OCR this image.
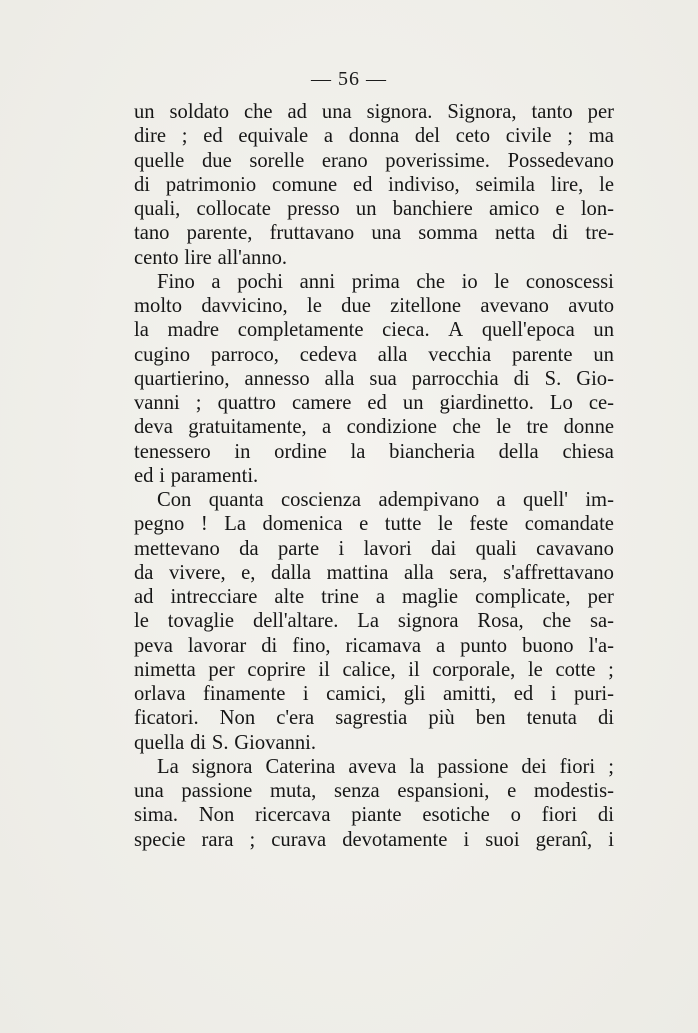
— 56 —
un soldato che ad una signora. Signora, tanto per
dire ; ed equivale a donna del ceto civile ; ma
quelle due sorelle erano poverissime. Possedevano
di patrimonio comune ed indiviso, seimila lire, le
quali, collocate presso un banchiere amico e lon-
tano parente, fruttavano una somma netta di tre-
cento lire all'anno.
Fino a pochi anni prima che io le conoscessi
molto davvicino, le due zitellone avevano avuto
la madre completamente cieca. A quell'epoca un
cugino parroco, cedeva alla vecchia parente un
quartierino, annesso alla sua parrocchia di S. Gio-
vanni ; quattro camere ed un giardinetto. Lo ce-
deva gratuitamente, a condizione che le tre donne
tenessero in ordine la biancheria della chiesa
ed i paramenti.
Con quanta coscienza adempivano a quell' im-
pegno ! La domenica e tutte le feste comandate
mettevano da parte i lavori dai quali cavavano
da vivere, e, dalla mattina alla sera, s'affrettavano
ad intrecciare alte trine a maglie complicate, per
le tovaglie dell'altare. La signora Rosa, che sa-
peva lavorar di fino, ricamava a punto buono l'a-
nimetta per coprire il calice, il corporale, le cotte ;
orlava finamente i camici, gli amitti, ed i puri-
ficatori. Non c'era sagrestia più ben tenuta di
quella di S. Giovanni.
La signora Caterina aveva la passione dei fiori ;
una passione muta, senza espansioni, e modestis-
sima. Non ricercava piante esotiche o fiori di
specie rara ; curava devotamente i suoi geranî, i
